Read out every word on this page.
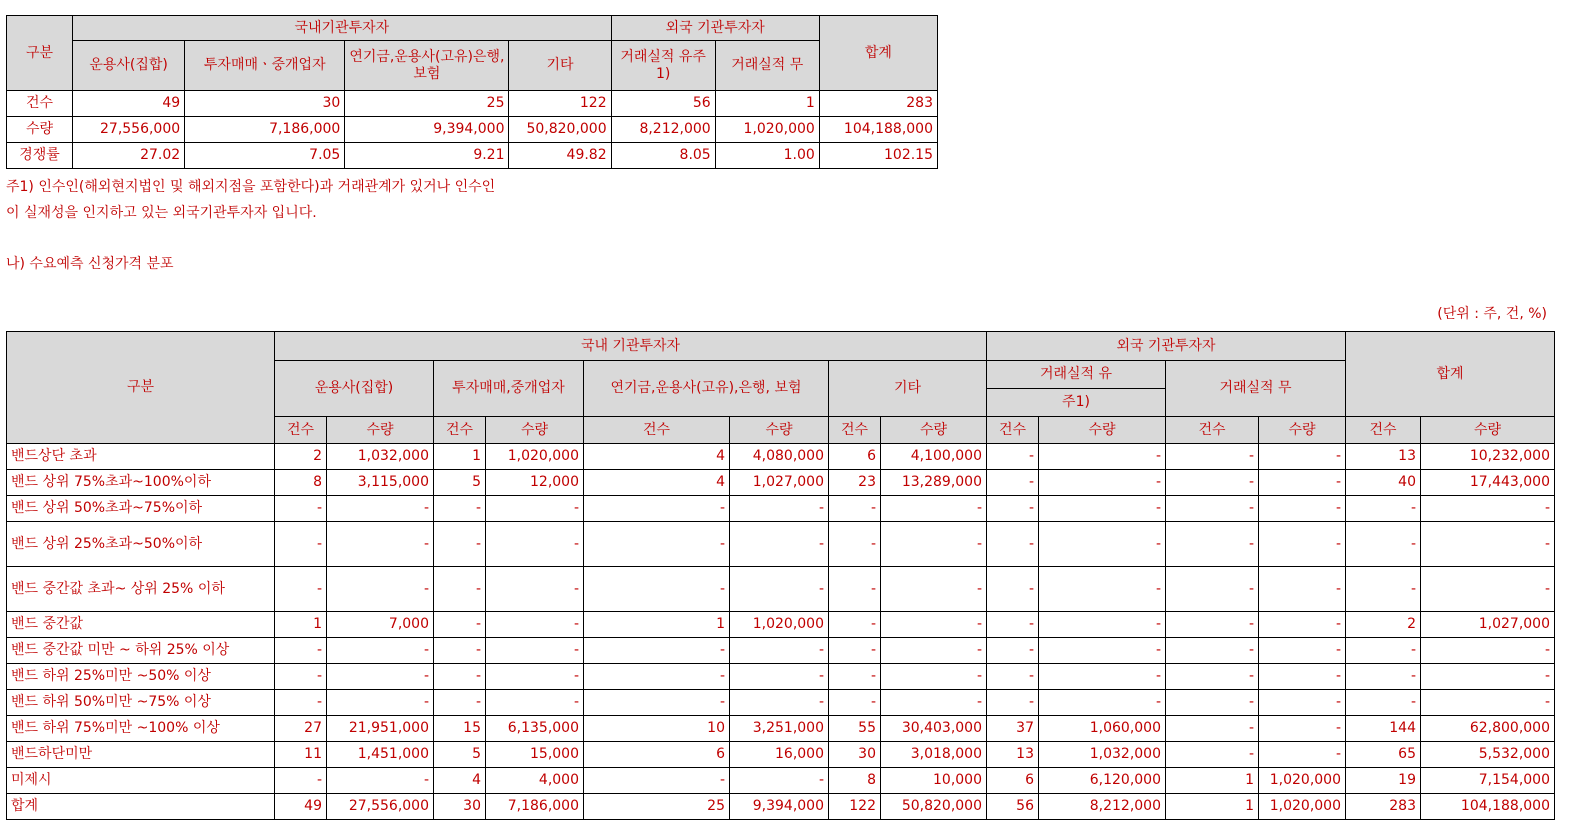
구분	국내기관투자자				외국 기관투자자		합계
	운용사(집합)	투자매매ㆍ중개업자	연기금,운용사(고유)은행, 보험	기타	거래실적 유주1)	거래실적 무	
건수	49	30	25	122	56	1	283
수량	27,556,000	7,186,000	9,394,000	50,820,000	8,212,000	1,020,000	104,188,000
경쟁률	27.02	7.05	9.21	49.82	8.05	1.00	102.15
주1) 인수인(해외현지법인 및 해외지점을 포함한다)과 거래관계가 있거나 인수인
이 실재성을 인지하고 있는 외국기관투자자 입니다.
나) 수요예측 신청가격 분포
(단위 : 주, 건, %)
구분	국내 기관투자자								외국 기관투자자				합계	
	운용사(집합)		투자매매,중개업자		연기금,운용사(고유),은행, 보험		기타		거래실적 유		거래실적 무			
									주1)					
	건수	수량	건수	수량	건수	수량	건수	수량	건수	수량	건수	수량	건수	수량
밴드상단 초과	2	1,032,000	1	1,020,000	4	4,080,000	6	4,100,000	-	-	-	-	13	10,232,000
밴드 상위 75%초과~100%이하	8	3,115,000	5	12,000	4	1,027,000	23	13,289,000	-	-	-	-	40	17,443,000
밴드 상위 50%초과~75%이하	-	-	-	-	-	-	-	-	-	-	-	-	-	-
밴드 상위 25%초과~50%이하	-	-	-	-	-	-	-	-	-	-	-	-	-	-
밴드 중간값 초과~ 상위 25% 이하	-	-	-	-	-	-	-	-	-	-	-	-	-	-
밴드 중간값	1	7,000	-	-	1	1,020,000	-	-	-	-	-	-	2	1,027,000
밴드 중간값 미만 ~ 하위 25% 이상	-	-	-	-	-	-	-	-	-	-	-	-	-	-
밴드 하위 25%미만 ~50% 이상	-	-	-	-	-	-	-	-	-	-	-	-	-	-
밴드 하위 50%미만 ~75% 이상	-	-	-	-	-	-	-	-	-	-	-	-	-	-
밴드 하위 75%미만 ~100% 이상	27	21,951,000	15	6,135,000	10	3,251,000	55	30,403,000	37	1,060,000	-	-	144	62,800,000
밴드하단미만	11	1,451,000	5	15,000	6	16,000	30	3,018,000	13	1,032,000	-	-	65	5,532,000
미제시	-	-	4	4,000	-	-	8	10,000	6	6,120,000	1	1,020,000	19	7,154,000
합계	49	27,556,000	30	7,186,000	25	9,394,000	122	50,820,000	56	8,212,000	1	1,020,000	283	104,188,000
